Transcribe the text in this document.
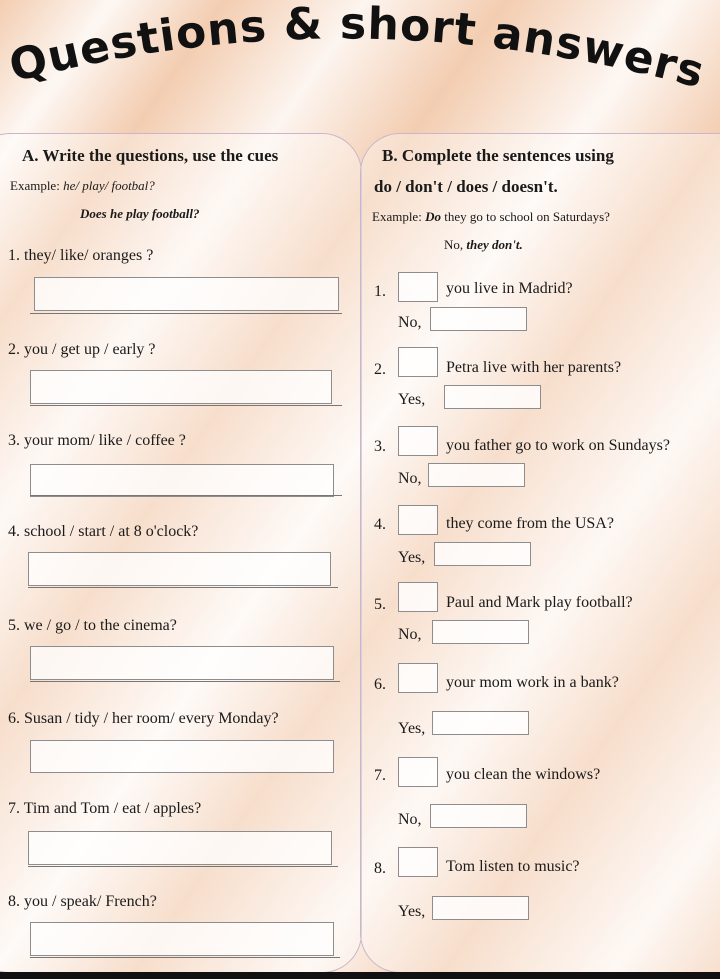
Questions & short answers
A. Write the questions, use the cues
Example: he/ play/ footbal?
Does he play football?
1. they/ like/ oranges ?
2. you / get up / early ?
3. your mom/ like / coffee ?
4. school / start / at 8 o'clock?
5. we / go / to the cinema?
6. Susan / tidy / her room/ every Monday?
7. Tim and Tom / eat / apples?
8. you / speak/ French?
B. Complete the sentences using
do / don't / does / doesn't.
Example: Do they go to school on Saturdays?
No, they don't.
1.	you live in Madrid?
No,
2.	Petra live with her parents?
Yes,
3.	you father go to work on Sundays?
No,
4.	they come from the USA?
Yes,
5.	Paul and Mark play football?
No,
6.	your mom work in a bank?
Yes,
7.	you clean the windows?
No,
8.	Tom listen to music?
Yes,
